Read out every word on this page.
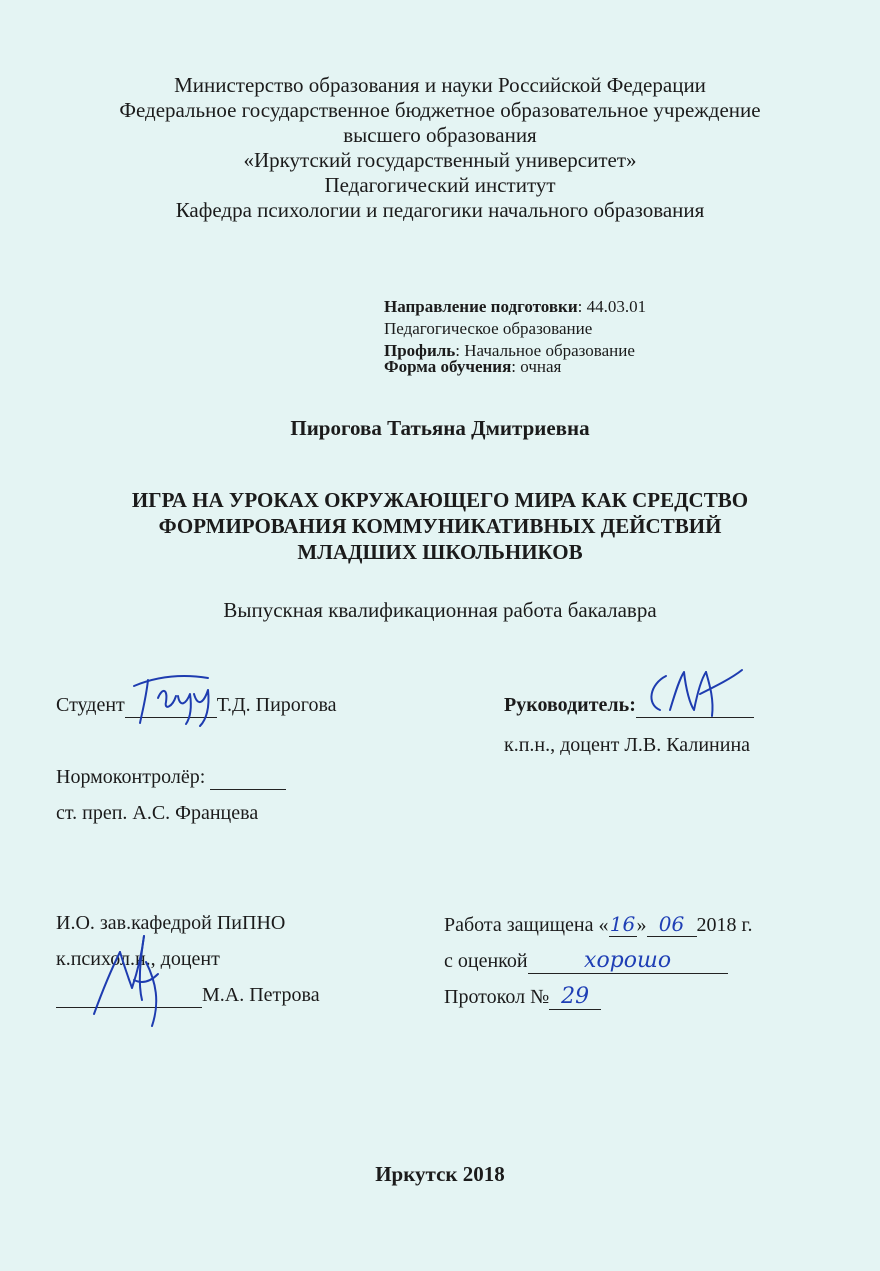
Министерство образования и науки Российской Федерации
Федеральное государственное бюджетное образовательное учреждение
высшего образования
«Иркутский государственный университет»
Педагогический институт
Кафедра психологии и педагогики начального образования
Направление подготовки: 44.03.01
Педагогическое образование
Профиль: Начальное образование
Форма обучения: очная
Пирогова Татьяна Дмитриевна
ИГРА НА УРОКАХ ОКРУЖАЮЩЕГО МИРА КАК СРЕДСТВО
ФОРМИРОВАНИЯ КОММУНИКАТИВНЫХ ДЕЙСТВИЙ
МЛАДШИХ ШКОЛЬНИКОВ
Выпускная квалификационная работа бакалавра
Студент	Т.Д. Пирогова	Руководитель:
к.п.н., доцент Л.В. Калинина
Нормоконтролёр:
ст. преп. А.С. Францева
И.О. зав.кафедрой ПиПНО
к.психол.н., доцент
М.А. Петрова
Работа защищена «16» 06 2018 г.
с оценкой	хорошо
Протокол № 29
Иркутск 2018
